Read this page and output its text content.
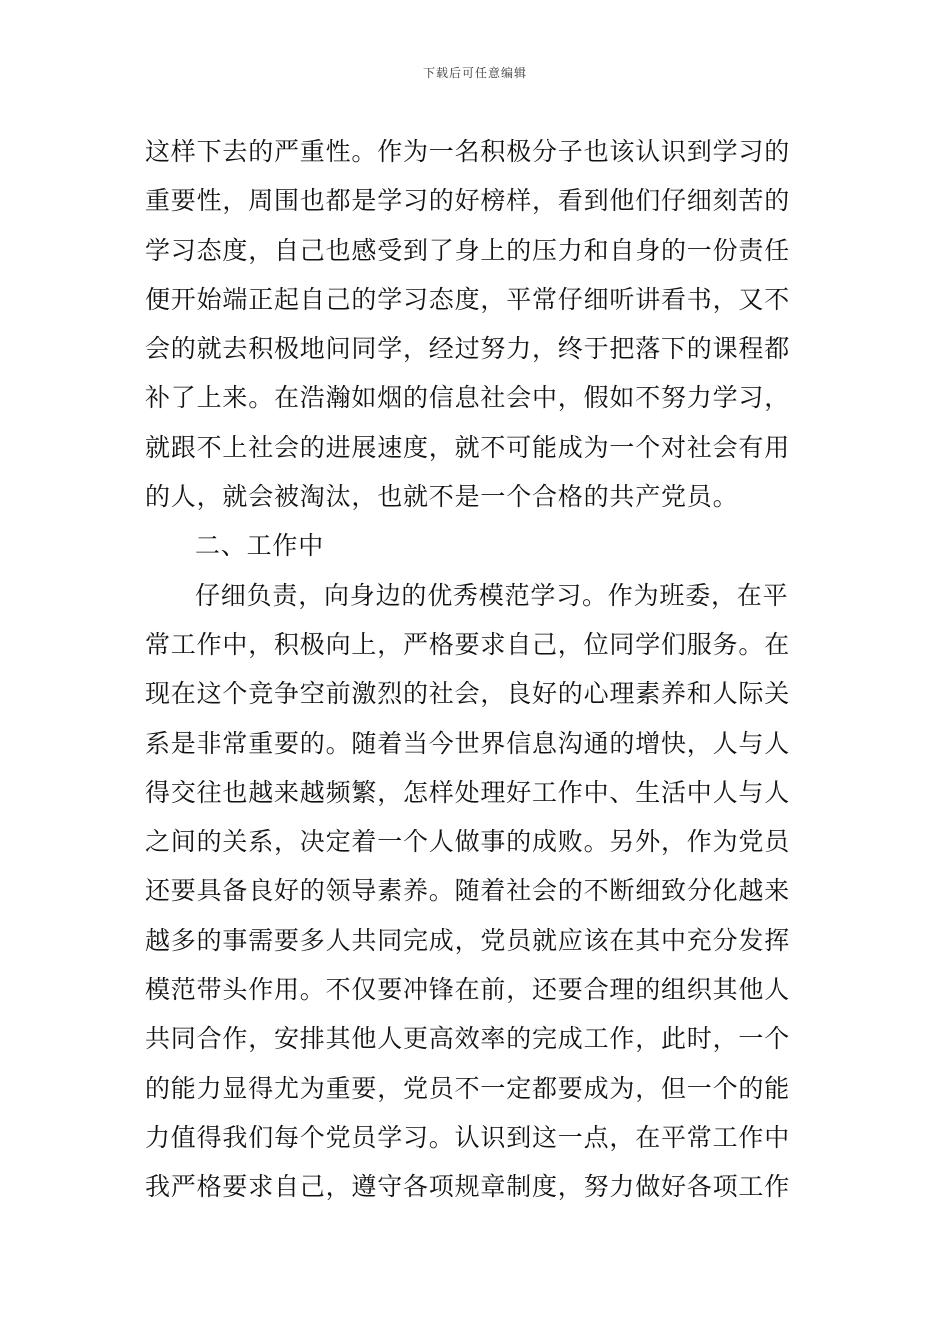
下载后可任意编辑
这样下去的严重性。作为一名积极分子也该认识到学习的
重要性，周围也都是学习的好榜样，看到他们仔细刻苦的
学习态度，自己也感受到了身上的压力和自身的一份责任
便开始端正起自己的学习态度，平常仔细听讲看书，又不
会的就去积极地问同学，经过努力，终于把落下的课程都
补了上来。在浩瀚如烟的信息社会中，假如不努力学习，
就跟不上社会的进展速度，就不可能成为一个对社会有用
的人，就会被淘汰，也就不是一个合格的共产党员。
二、工作中
仔细负责，向身边的优秀模范学习。作为班委，在平
常工作中，积极向上，严格要求自己，位同学们服务。在
现在这个竞争空前激烈的社会，良好的心理素养和人际关
系是非常重要的。随着当今世界信息沟通的增快，人与人
得交往也越来越频繁，怎样处理好工作中、生活中人与人
之间的关系，决定着一个人做事的成败。另外，作为党员
还要具备良好的领导素养。随着社会的不断细致分化越来
越多的事需要多人共同完成，党员就应该在其中充分发挥
模范带头作用。不仅要冲锋在前，还要合理的组织其他人
共同合作，安排其他人更高效率的完成工作，此时，一个
的能力显得尤为重要，党员不一定都要成为，但一个的能
力值得我们每个党员学习。认识到这一点，在平常工作中
我严格要求自己，遵守各项规章制度，努力做好各项工作
